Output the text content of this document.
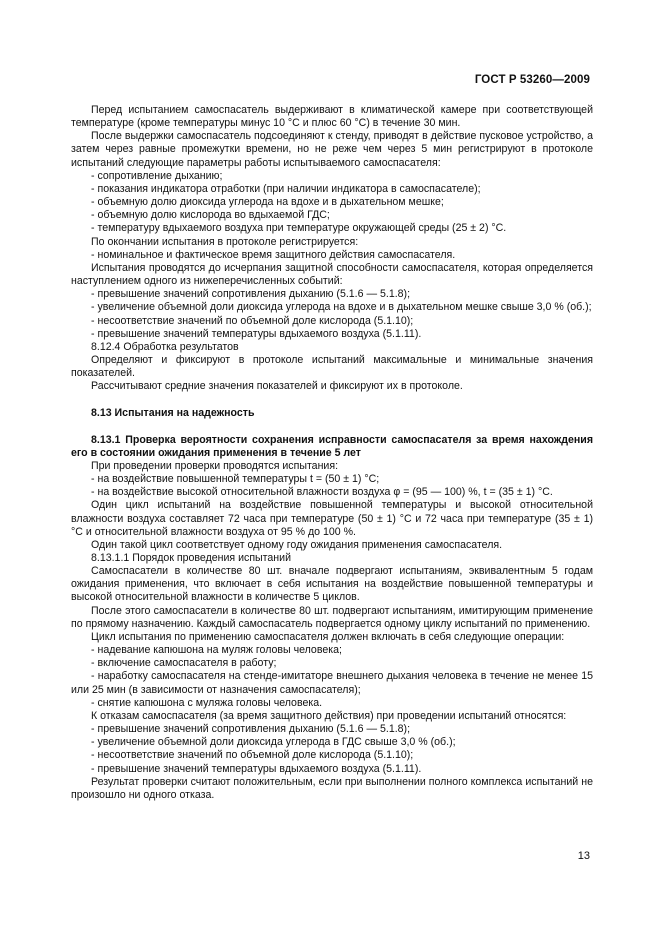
ГОСТ Р 53260—2009

Перед испытанием самоспасатель выдерживают в климатической камере при соответствующей температуре (кроме температуры минус 10 °С и плюс 60 °С) в течение 30 мин.

После выдержки самоспасатель подсоединяют к стенду, приводят в действие пусковое устройство, а затем через равные промежутки времени, но не реже чем через 5 мин регистрируют в протоколе испытаний следующие параметры работы испытываемого самоспасателя:

- сопротивление дыханию;

- показания индикатора отработки (при наличии индикатора в самоспасателе);

- объемную долю диоксида углерода на вдохе и в дыхательном мешке;

- объемную долю кислорода во вдыхаемой ГДС;

- температуру вдыхаемого воздуха при температуре окружающей среды (25 ± 2) °С.

По окончании испытания в протоколе регистрируется:

- номинальное и фактическое время защитного действия самоспасателя.

Испытания проводятся до исчерпания защитной способности самоспасателя, которая определяется наступлением одного из нижеперечисленных событий:

- превышение значений сопротивления дыханию (5.1.6 — 5.1.8);

- увеличение объемной доли диоксида углерода на вдохе и в дыхательном мешке свыше 3,0 % (об.);

- несоответствие значений по объемной доле кислорода (5.1.10);

- превышение значений температуры вдыхаемого воздуха (5.1.11).

8.12.4 Обработка результатов

Определяют и фиксируют в протоколе испытаний максимальные и минимальные значения показателей.

Рассчитывают средние значения показателей и фиксируют их в протоколе.

8.13 Испытания на надежность

8.13.1 Проверка вероятности сохранения исправности самоспасателя за время нахождения его в состоянии ожидания применения в течение 5 лет

При проведении проверки проводятся испытания:

- на воздействие повышенной температуры t = (50 ± 1) °С;

- на воздействие высокой относительной влажности воздуха φ = (95 — 100) %, t = (35 ± 1) °С.

Один цикл испытаний на воздействие повышенной температуры и высокой относительной влажности воздуха составляет 72 часа при температуре (50 ± 1) °С и 72 часа при температуре (35 ± 1) °С и относительной влажности воздуха от 95 % до 100 %.

Один такой цикл соответствует одному году ожидания применения самоспасателя.

8.13.1.1 Порядок проведения испытаний

Самоспасатели в количестве 80 шт. вначале подвергают испытаниям, эквивалентным 5 годам ожидания применения, что включает в себя испытания на воздействие повышенной температуры и высокой относительной влажности в количестве 5 циклов.

После этого самоспасатели в количестве 80 шт. подвергают испытаниям, имитирующим применение по прямому назначению. Каждый самоспасатель подвергается одному циклу испытаний по применению.

Цикл испытания по применению самоспасателя должен включать в себя следующие операции:

- надевание капюшона на муляж головы человека;

- включение самоспасателя в работу;

- наработку самоспасателя на стенде-имитаторе внешнего дыхания человека в течение не менее 15 или 25 мин (в зависимости от назначения самоспасателя);

- снятие капюшона с муляжа головы человека.

К отказам самоспасателя (за время защитного действия) при проведении испытаний относятся:

- превышение значений сопротивления дыханию (5.1.6 — 5.1.8);

- увеличение объемной доли диоксида углерода в ГДС свыше 3,0 % (об.);

- несоответствие значений по объемной доле кислорода (5.1.10);

- превышение значений температуры вдыхаемого воздуха (5.1.11).

Результат проверки считают положительным, если при выполнении полного комплекса испытаний не произошло ни одного отказа.

13
